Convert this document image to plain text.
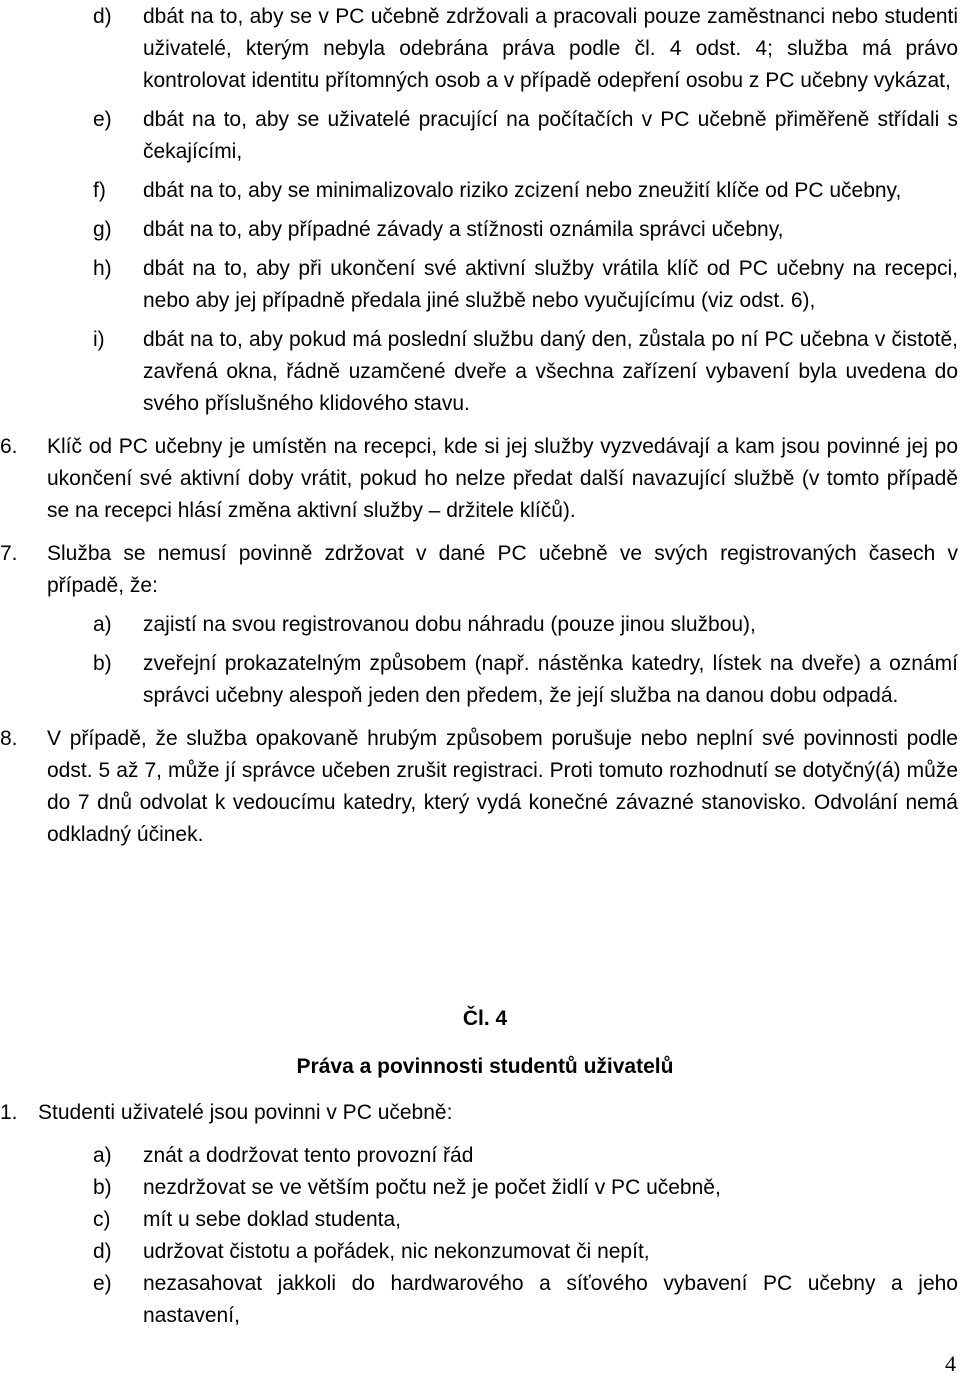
d) dbát na to, aby se v PC učebně zdržovali a pracovali pouze zaměstnanci nebo studenti uživatelé, kterým nebyla odebrána práva podle čl. 4 odst. 4; služba má právo kontrolovat identitu přítomných osob a v případě odepření osobu z PC učebny vykázat,
e) dbát na to, aby se uživatelé pracující na počítačích v PC učebně přiměřeně střídali s čekajícími,
f) dbát na to, aby se minimalizovalo riziko zcizení nebo zneužití klíče od PC učebny,
g) dbát na to, aby případné závady a stížnosti oznámila správci učebny,
h) dbát na to, aby při ukončení své aktivní služby vrátila klíč od PC učebny na recepci, nebo aby jej případně předala jiné službě nebo vyučujícímu (viz odst. 6),
i) dbát na to, aby pokud má poslední službu daný den, zůstala po ní PC učebna v čistotě, zavřená okna, řádně uzamčené dveře a všechna zařízení vybavení byla uvedena do svého příslušného klidového stavu.
6. Klíč od PC učebny je umístěn na recepci, kde si jej služby vyzvedávají a kam jsou povinné jej po ukončení své aktivní doby vrátit, pokud ho nelze předat další navazující službě (v tomto případě se na recepci hlásí změna aktivní služby – držitele klíčů).
7. Služba se nemusí povinně zdržovat v dané PC učebně ve svých registrovaných časech v případě, že:
a) zajistí na svou registrovanou dobu náhradu (pouze jinou službou),
b) zveřejní prokazatelným způsobem (např. nástěnka katedry, lístek na dveře) a oznámí správci učebny alespoň jeden den předem, že její služba na danou dobu odpadá.
8. V případě, že služba opakovaně hrubým způsobem porušuje nebo neplní své povinnosti podle odst. 5 až 7, může jí správce učeben zrušit registraci. Proti tomuto rozhodnutí se dotyčný(á) může do 7 dnů odvolat k vedoucímu katedry, který vydá konečné závazné stanovisko. Odvolání nemá odkladný účinek.
Čl. 4
Práva a povinnosti studentů uživatelů
1. Studenti uživatelé jsou povinni v PC učebně:
a) znát a dodržovat tento provozní řád
b) nezdržovat se ve větším počtu než je počet židlí v PC učebně,
c) mít u sebe doklad studenta,
d) udržovat čistotu a pořádek, nic nekonzumovat či nepít,
e) nezasahovat jakkoli do hardwarového a síťového vybavení PC učebny a jeho nastavení,
4
